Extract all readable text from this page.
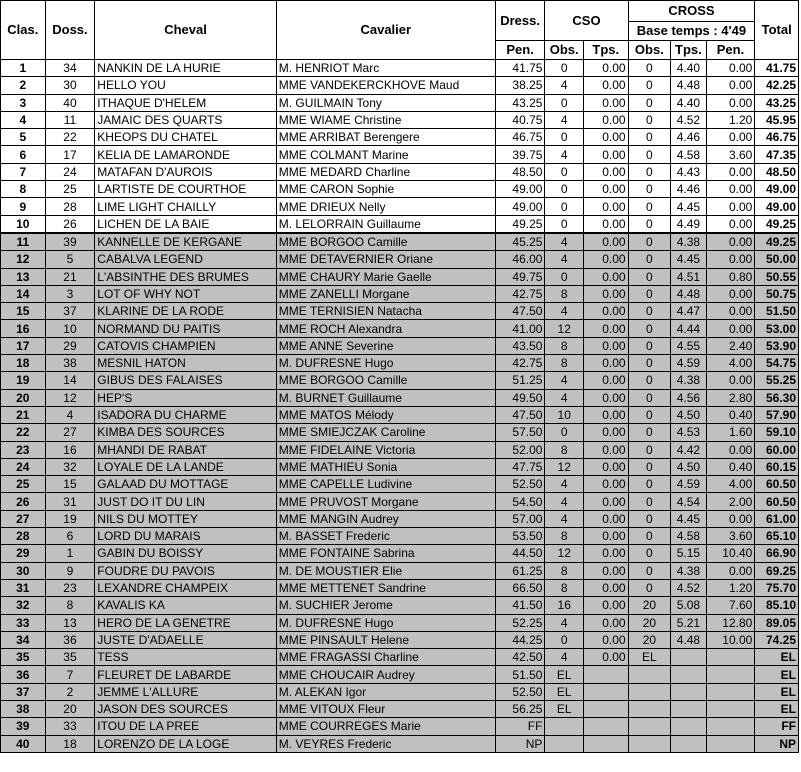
Clas.	Doss.	Cheval	Cavalier	Dress.	CSO		CROSS			Total
							Base temps : 4'49			
				Pen.	Obs.	Tps.	Obs.	Tps.	Pen.	
1	34	NANKIN DE LA HURIE	M. HENRIOT Marc	41.75	0	0.00	0	4.40	0.00	41.75
2	30	HELLO YOU	MME VANDEKERCKHOVE Maud	38.25	4	0.00	0	4.48	0.00	42.25
3	40	ITHAQUE D'HELEM	M. GUILMAIN Tony	43.25	0	0.00	0	4.40	0.00	43.25
4	11	JAMAIC DES QUARTS	MME WIAME Christine	40.75	4	0.00	0	4.52	1.20	45.95
5	22	KHEOPS DU CHATEL	MME ARRIBAT Berengere	46.75	0	0.00	0	4.46	0.00	46.75
6	17	KELIA DE LAMARONDE	MME COLMANT Marine	39.75	4	0.00	0	4.58	3.60	47.35
7	24	MATAFAN D'AUROIS	MME MEDARD Charline	48.50	0	0.00	0	4.43	0.00	48.50
8	25	LARTISTE DE COURTHOE	MME CARON Sophie	49.00	0	0.00	0	4.46	0.00	49.00
9	28	LIME LIGHT CHAILLY	MME DRIEUX Nelly	49.00	0	0.00	0	4.45	0.00	49.00
10	26	LICHEN DE LA BAIE	M. LELORRAIN Guillaume	49.25	0	0.00	0	4.49	0.00	49.25
11	39	KANNELLE DE KERGANE	MME BORGOO Camille	45.25	4	0.00	0	4.38	0.00	49.25
12	5	CABALVA LEGEND	MME DETAVERNIER Oriane	46.00	4	0.00	0	4.45	0.00	50.00
13	21	L'ABSINTHE DES BRUMES	MME CHAURY Marie Gaelle	49.75	0	0.00	0	4.51	0.80	50.55
14	3	LOT OF WHY NOT	MME ZANELLI Morgane	42.75	8	0.00	0	4.48	0.00	50.75
15	37	KLARINE DE LA RODE	MME TERNISIEN Natacha	47.50	4	0.00	0	4.47	0.00	51.50
16	10	NORMAND DU PAITIS	MME ROCH Alexandra	41.00	12	0.00	0	4.44	0.00	53.00
17	29	CATOVIS CHAMPIEN	MME ANNE Severine	43.50	8	0.00	0	4.55	2.40	53.90
18	38	MESNIL HATON	M. DUFRESNE Hugo	42.75	8	0.00	0	4.59	4.00	54.75
19	14	GIBUS DES FALAISES	MME BORGOO Camille	51.25	4	0.00	0	4.38	0.00	55.25
20	12	HEP'S	M. BURNET Guillaume	49.50	4	0.00	0	4.56	2.80	56.30
21	4	ISADORA DU CHARME	MME MATOS Mélody	47.50	10	0.00	0	4.50	0.40	57.90
22	27	KIMBA DES SOURCES	MME SMIEJCZAK Caroline	57.50	0	0.00	0	4.53	1.60	59.10
23	16	MHANDI DE RABAT	MME FIDELAINE Victoria	52.00	8	0.00	0	4.42	0.00	60.00
24	32	LOYALE DE LA LANDE	MME MATHIEU Sonia	47.75	12	0.00	0	4.50	0.40	60.15
25	15	GALAAD DU MOTTAGE	MME CAPELLE Ludivine	52.50	4	0.00	0	4.59	4.00	60.50
26	31	JUST DO IT DU LIN	MME PRUVOST Morgane	54.50	4	0.00	0	4.54	2.00	60.50
27	19	NILS DU MOTTEY	MME MANGIN Audrey	57.00	4	0.00	0	4.45	0.00	61.00
28	6	LORD DU MARAIS	M. BASSET Frederic	53.50	8	0.00	0	4.58	3.60	65.10
29	1	GABIN DU BOISSY	MME FONTAINE Sabrina	44.50	12	0.00	0	5.15	10.40	66.90
30	9	FOUDRE DU PAVOIS	M. DE MOUSTIER Elie	61.25	8	0.00	0	4.38	0.00	69.25
31	23	LEXANDRE CHAMPEIX	MME METTENET Sandrine	66.50	8	0.00	0	4.52	1.20	75.70
32	8	KAVALIS KA	M. SUCHIER Jerome	41.50	16	0.00	20	5.08	7.60	85.10
33	13	HERO DE LA GENETRE	M. DUFRESNE Hugo	52.25	4	0.00	20	5.21	12.80	89.05
34	36	JUSTE D'ADAELLE	MME PINSAULT Helene	44.25	0	0.00	20	4.48	10.00	74.25
35	35	TESS	MME FRAGASSI Charline	42.50	4	0.00	EL			EL
36	7	FLEURET DE LABARDE	MME CHOUCAIR Audrey	51.50	EL					EL
37	2	JEMME L'ALLURE	M. ALEKAN Igor	52.50	EL					EL
38	20	JASON DES SOURCES	MME VITOUX Fleur	56.25	EL					EL
39	33	ITOU DE LA PREE	MME COURREGES Marie	FF						FF
40	18	LORENZO DE LA LOGE	M. VEYRES Frederic	NP						NP
